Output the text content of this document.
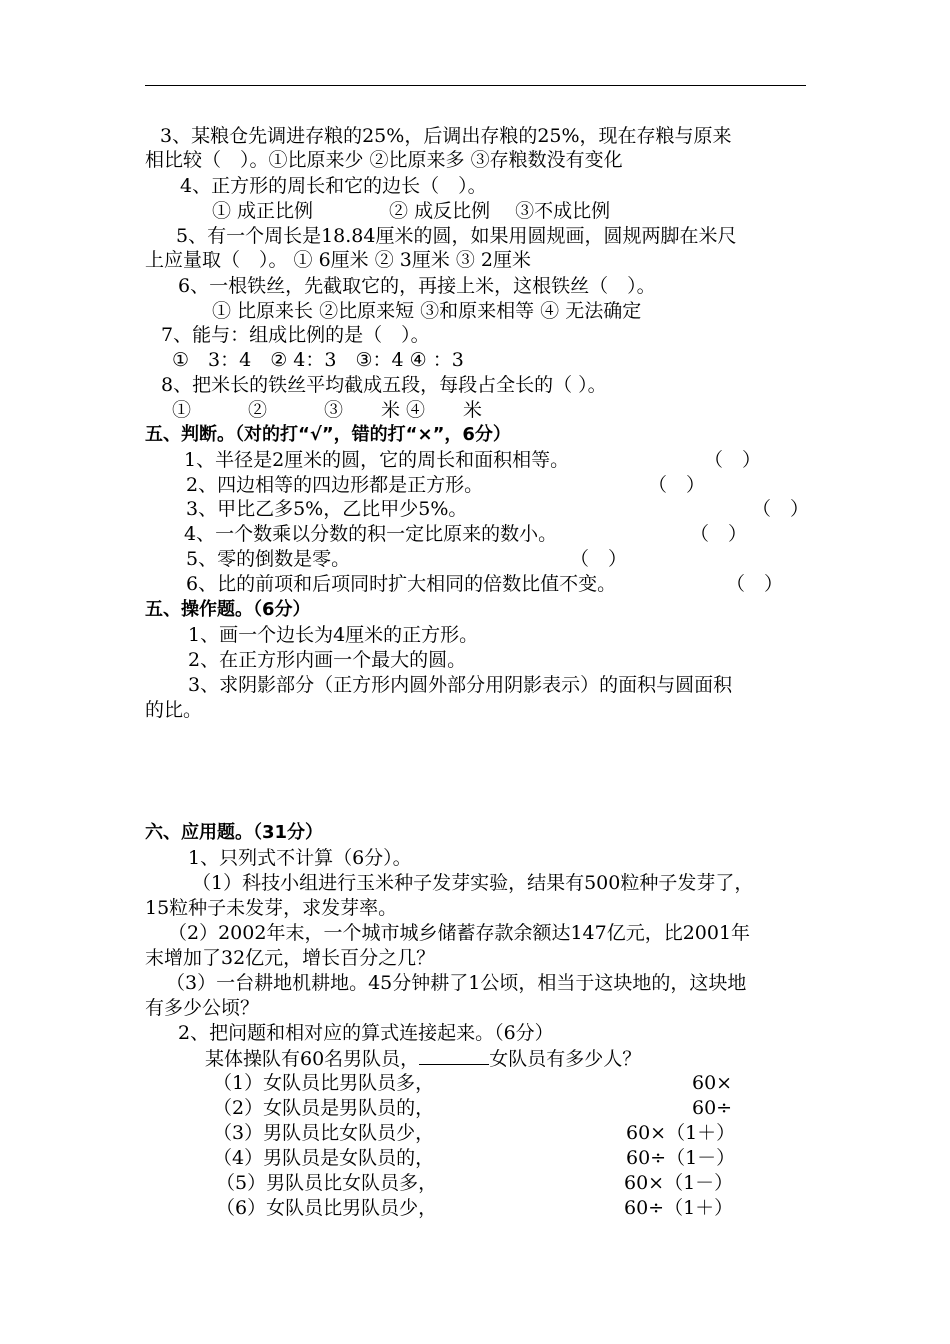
3、某粮仓先调进存粮的25%，后调出存粮的25%，现在存粮与原来
相比较（　）。①比原来少 ②比原来多 ③存粮数没有变化
4、正方形的周长和它的边长（　）。
① 成正比例　　　　② 成反比例　 ③不成比例
5、有一个周长是18.84厘米的圆，如果用圆规画，圆规两脚在米尺
上应量取（　）。 ① 6厘米 ② 3厘米 ③ 2厘米
6、一根铁丝，先截取它的，再接上米，这根铁丝（　）。
① 比原来长 ②比原来短 ③和原来相等 ④ 无法确定
7、能与：组成比例的是（　）。
①　3：4　② 4：3　③：4 ④ ：3
8、把米长的铁丝平均截成五段，每段占全长的（ ）。
①　　　②　　　③　　米 ④　　米
五、判断。（对的打“√”，错的打“×”，6分）
1、半径是2厘米的圆，它的周长和面积相等。	（　）
2、四边相等的四边形都是正方形。	（　）
3、甲比乙多5%，乙比甲少5%。	（　）
4、一个数乘以分数的积一定比原来的数小。	（　）
5、零的倒数是零。	（　）
6、比的前项和后项同时扩大相同的倍数比值不变。	（　）
五、操作题。（6分）
1、画一个边长为4厘米的正方形。
2、在正方形内画一个最大的圆。
3、求阴影部分（正方形内圆外部分用阴影表示）的面积与圆面积
的比。
六、应用题。（31分）
1、只列式不计算（6分）。
（1）科技小组进行玉米种子发芽实验，结果有500粒种子发芽了，
15粒种子未发芽，求发芽率。
（2）2002年末，一个城市城乡储蓄存款余额达147亿元，比2001年
末增加了32亿元，增长百分之几？
（3）一台耕地机耕地。45分钟耕了1公顷，相当于这块地的，这块地
有多少公顷？
2、把问题和相对应的算式连接起来。（6分）
某体操队有60名男队员，	女队员有多少人？
（1）女队员比男队员多，	60×
（2）女队员是男队员的，	60÷
（3）男队员比女队员少，	60×（1＋）
（4）男队员是女队员的，	60÷（1－）
（5）男队员比女队员多，	60×（1－）
（6）女队员比男队员少，	60÷（1＋）
